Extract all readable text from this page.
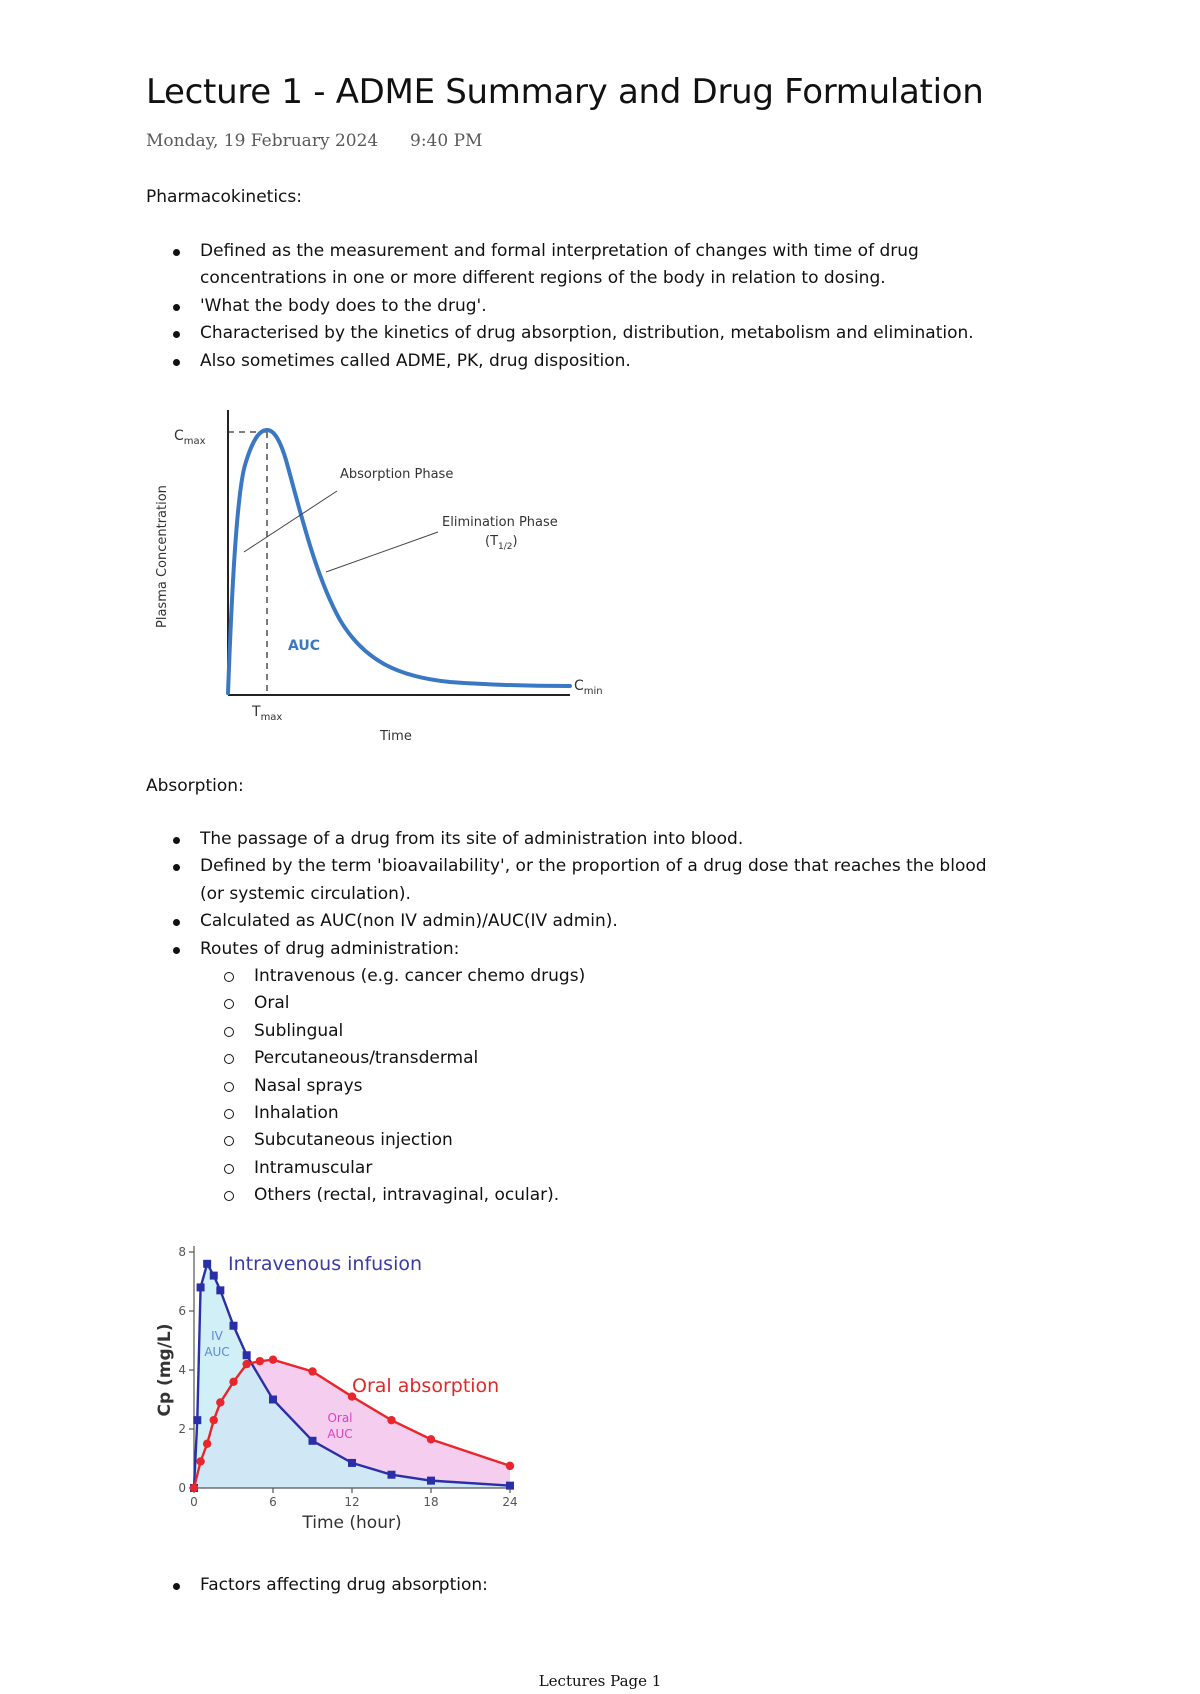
Lecture 1 - ADME Summary and Drug Formulation
Monday, 19 February 2024 9:40 PM

Pharmacokinetics:

Defined as the measurement and formal interpretation of changes with time of drug
concentrations in one or more different regions of the body in relation to dosing.
'What the body does to the drug'.
Characterised by the kinetics of drug absorption, distribution, metabolism and elimination.
Also sometimes called ADME, PK, drug disposition.
$C_{max}$
Absorption Phase
Elimination Phase
$(T_{1/2})$
AUC
$C_{min}$
$T_{max}$
Time
Plasma Concentration

Absorption:

The passage of a drug from its site of administration into blood.
Defined by the term 'bioavailability', or the proportion of a drug dose that reaches the blood
(or systemic circulation).
Calculated as AUC(non IV admin)/AUC(IV admin).
Routes of drug administration:
Intravenous (e.g. cancer chemo drugs)
Oral
Sublingual
Percutaneous/transdermal
Nasal sprays
Inhalation
Subcutaneous injection
Intramuscular
Others (rectal, intravaginal, ocular).
0
2
4
6
8
0	6	12	18	24
Time (hour)
Cp (mg/L)
Intravenous infusion
Oral absorption
IV
AUC
Oral
AUC
Factors affecting drug absorption:
Lectures Page 1
